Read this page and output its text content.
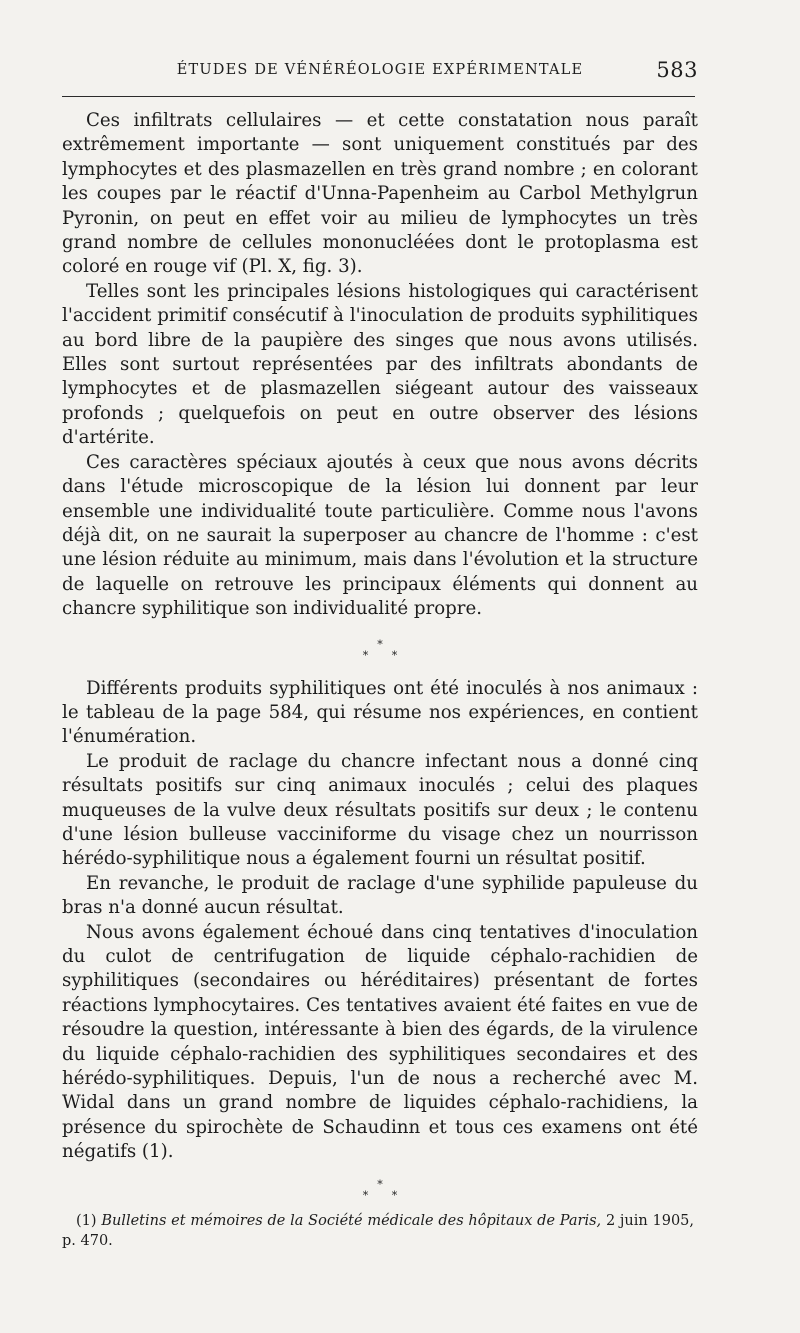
ÉTUDES DE VÉNÉRÉOLOGIE EXPÉRIMENTALE	583

Ces infiltrats cellulaires — et cette constatation nous paraît extrêmement importante — sont uniquement constitués par des lymphocytes et des plasmazellen en très grand nombre ; en colorant les coupes par le réactif d'Unna-Papenheim au Carbol Methylgrun Pyronin, on peut en effet voir au milieu de lymphocytes un très grand nombre de cellules mononucléées dont le protoplasma est coloré en rouge vif (Pl. X, fig. 3).

Telles sont les principales lésions histologiques qui caractérisent l'accident primitif consécutif à l'inoculation de produits syphilitiques au bord libre de la paupière des singes que nous avons utilisés. Elles sont surtout représentées par des infiltrats abondants de lymphocytes et de plasmazellen siégeant autour des vaisseaux profonds ; quelquefois on peut en outre observer des lésions d'artérite.

Ces caractères spéciaux ajoutés à ceux que nous avons décrits dans l'étude microscopique de la lésion lui donnent par leur ensemble une individualité toute particulière. Comme nous l'avons déjà dit, on ne saurait la superposer au chancre de l'homme : c'est une lésion réduite au minimum, mais dans l'évolution et la structure de laquelle on retrouve les principaux éléments qui donnent au chancre syphilitique son individualité propre.

*
* *

Différents produits syphilitiques ont été inoculés à nos animaux : le tableau de la page 584, qui résume nos expériences, en contient l'énumération.

Le produit de raclage du chancre infectant nous a donné cinq résultats positifs sur cinq animaux inoculés ; celui des plaques muqueuses de la vulve deux résultats positifs sur deux ; le contenu d'une lésion bulleuse vacciniforme du visage chez un nourrisson hérédo-syphilitique nous a également fourni un résultat positif.

En revanche, le produit de raclage d'une syphilide papuleuse du bras n'a donné aucun résultat.

Nous avons également échoué dans cinq tentatives d'inoculation du culot de centrifugation de liquide céphalo-rachidien de syphilitiques (secondaires ou héréditaires) présentant de fortes réactions lymphocytaires. Ces tentatives avaient été faites en vue de résoudre la question, intéressante à bien des égards, de la virulence du liquide céphalo-rachidien des syphilitiques secondaires et des hérédo-syphilitiques. Depuis, l'un de nous a recherché avec M. Widal dans un grand nombre de liquides céphalo-rachidiens, la présence du spirochète de Schaudinn et tous ces examens ont été négatifs (1).

*
* *
(1) Bulletins et mémoires de la Société médicale des hôpitaux de Paris, 2 juin 1905, p. 470.
